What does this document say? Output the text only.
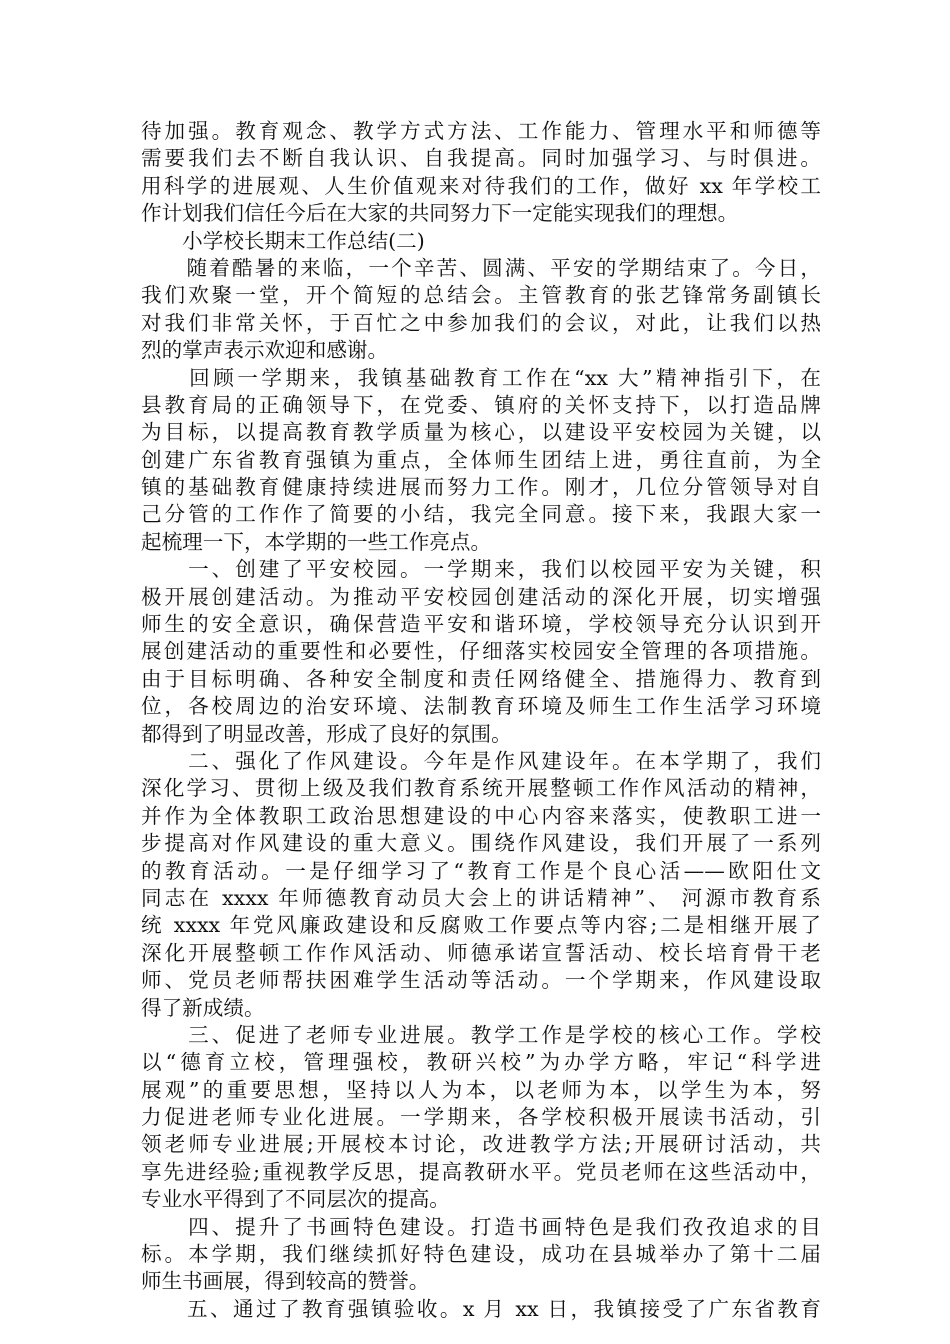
待加强。教育观念、教学方式方法、工作能力、管理水平和师德等
需要我们去不断自我认识、自我提高。同时加强学习、与时俱进。
用科学的进展观、人生价值观来对待我们的工作，做好 xx 年学校工
作计划我们信任今后在大家的共同努力下一定能实现我们的理想。
　　小学校长期末工作总结(二)
　　随着酷暑的来临，一个辛苦、圆满、平安的学期结束了。今日，
我们欢聚一堂，开个简短的总结会。主管教育的张艺锋常务副镇长
对我们非常关怀，于百忙之中参加我们的会议，对此，让我们以热
烈的掌声表示欢迎和感谢。
　　回顾一学期来，我镇基础教育工作在“xx 大”精神指引下，在
县教育局的正确领导下，在党委、镇府的关怀支持下，以打造品牌
为目标，以提高教育教学质量为核心，以建设平安校园为关键，以
创建广东省教育强镇为重点，全体师生团结上进，勇往直前，为全
镇的基础教育健康持续进展而努力工作。刚才，几位分管领导对自
己分管的工作作了简要的小结，我完全同意。接下来，我跟大家一
起梳理一下，本学期的一些工作亮点。
　　一、创建了平安校园。一学期来，我们以校园平安为关键，积
极开展创建活动。为推动平安校园创建活动的深化开展，切实增强
师生的安全意识，确保营造平安和谐环境，学校领导充分认识到开
展创建活动的重要性和必要性，仔细落实校园安全管理的各项措施。
由于目标明确、各种安全制度和责任网络健全、措施得力、教育到
位，各校周边的治安环境、法制教育环境及师生工作生活学习环境
都得到了明显改善，形成了良好的氛围。
　　二、强化了作风建设。今年是作风建设年。在本学期了，我们
深化学习、贯彻上级及我们教育系统开展整顿工作作风活动的精神，
并作为全体教职工政治思想建设的中心内容来落实，使教职工进一
步提高对作风建设的重大意义。围绕作风建设，我们开展了一系列
的教育活动。一是仔细学习了“教育工作是个良心活——欧阳仕文
同志在 xxxx 年师德教育动员大会上的讲话精神”、 河源市教育系
统 xxxx 年党风廉政建设和反腐败工作要点等内容;二是相继开展了
深化开展整顿工作作风活动、师德承诺宣誓活动、校长培育骨干老
师、党员老师帮扶困难学生活动等活动。一个学期来，作风建设取
得了新成绩。
　　三、促进了老师专业进展。教学工作是学校的核心工作。学校
以“德育立校，管理强校，教研兴校”为办学方略，牢记“科学进
展观”的重要思想，坚持以人为本，以老师为本，以学生为本，努
力促进老师专业化进展。一学期来，各学校积极开展读书活动，引
领老师专业进展;开展校本讨论，改进教学方法;开展研讨活动，共
享先进经验;重视教学反思，提高教研水平。党员老师在这些活动中，
专业水平得到了不同层次的提高。
　　四、提升了书画特色建设。打造书画特色是我们孜孜追求的目
标。本学期，我们继续抓好特色建设，成功在县城举办了第十二届
师生书画展，得到较高的赞誉。
　　五、通过了教育强镇验收。x 月 xx 日，我镇接受了广东省教育
